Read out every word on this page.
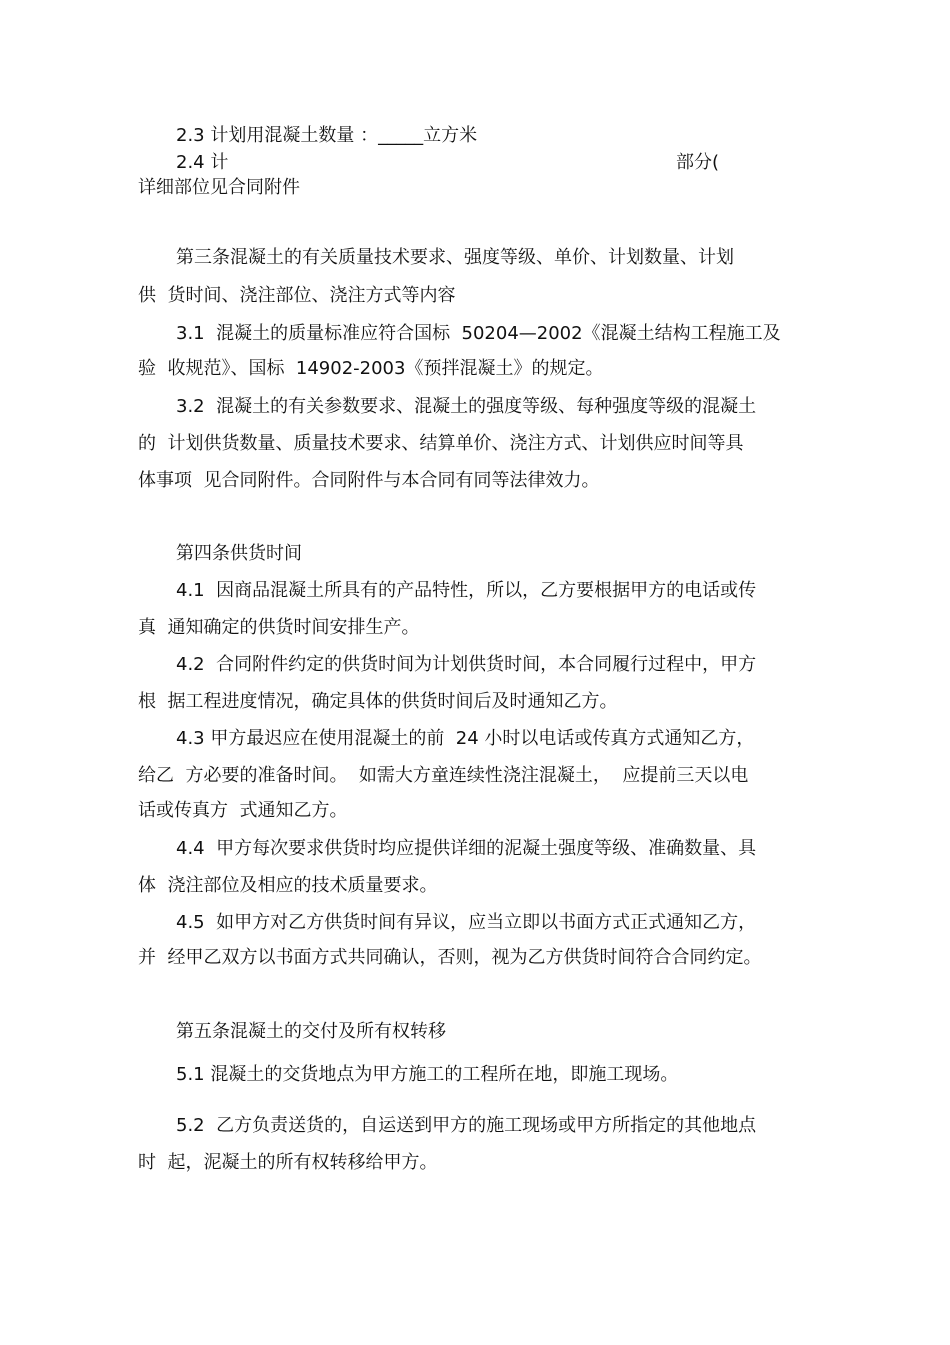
2.3 计划用混凝土数量 ：_____立方米
2.4 计	部分(
详细部位见合同附件
第三条混凝土的有关质量技术要求、强度等级、单价、计划数量、计划
供  货时间、浇注部位、浇注方式等内容
3.1  混凝土的质量标准应符合国标  50204—2002《混凝土结构工程施工及
验  收规范》、国标  14902-2003《预拌混凝土》的规定。
3.2  混凝土的有关参数要求、混凝土的强度等级、每种强度等级的混凝土
的  计划供货数量、质量技术要求、结算单价、浇注方式、计划供应时间等具
体事项  见合同附件。合同附件与本合同有同等法律效力。
第四条供货时间
4.1  因商品混凝土所具有的产品特性，所以，乙方要根据甲方的电话或传
真  通知确定的供货时间安排生产。
4.2  合同附件约定的供货时间为计划供货时间，本合同履行过程中，甲方
根  据工程进度情况，确定具体的供货时间后及时通知乙方。
4.3 甲方最迟应在使用混凝土的前  24 小时以电话或传真方式通知乙方，
给乙  方必要的准备时间。  如需大方童连续性浇注混凝土，  应提前三天以电
话或传真方  式通知乙方。
4.4  甲方每次要求供货时均应提供详细的泥凝土强度等级、准确数量、具
体  浇注部位及相应的技术质量要求。
4.5  如甲方对乙方供货时间有异议，应当立即以书面方式正式通知乙方，
并  经甲乙双方以书面方式共同确认，否则，视为乙方供货时间符合合同约定。
第五条混凝土的交付及所有权转移
5.1 混凝土的交货地点为甲方施工的工程所在地，即施工现场。
5.2  乙方负责送货的，自运送到甲方的施工现场或甲方所指定的其他地点
时  起，泥凝土的所有权转移给甲方。
